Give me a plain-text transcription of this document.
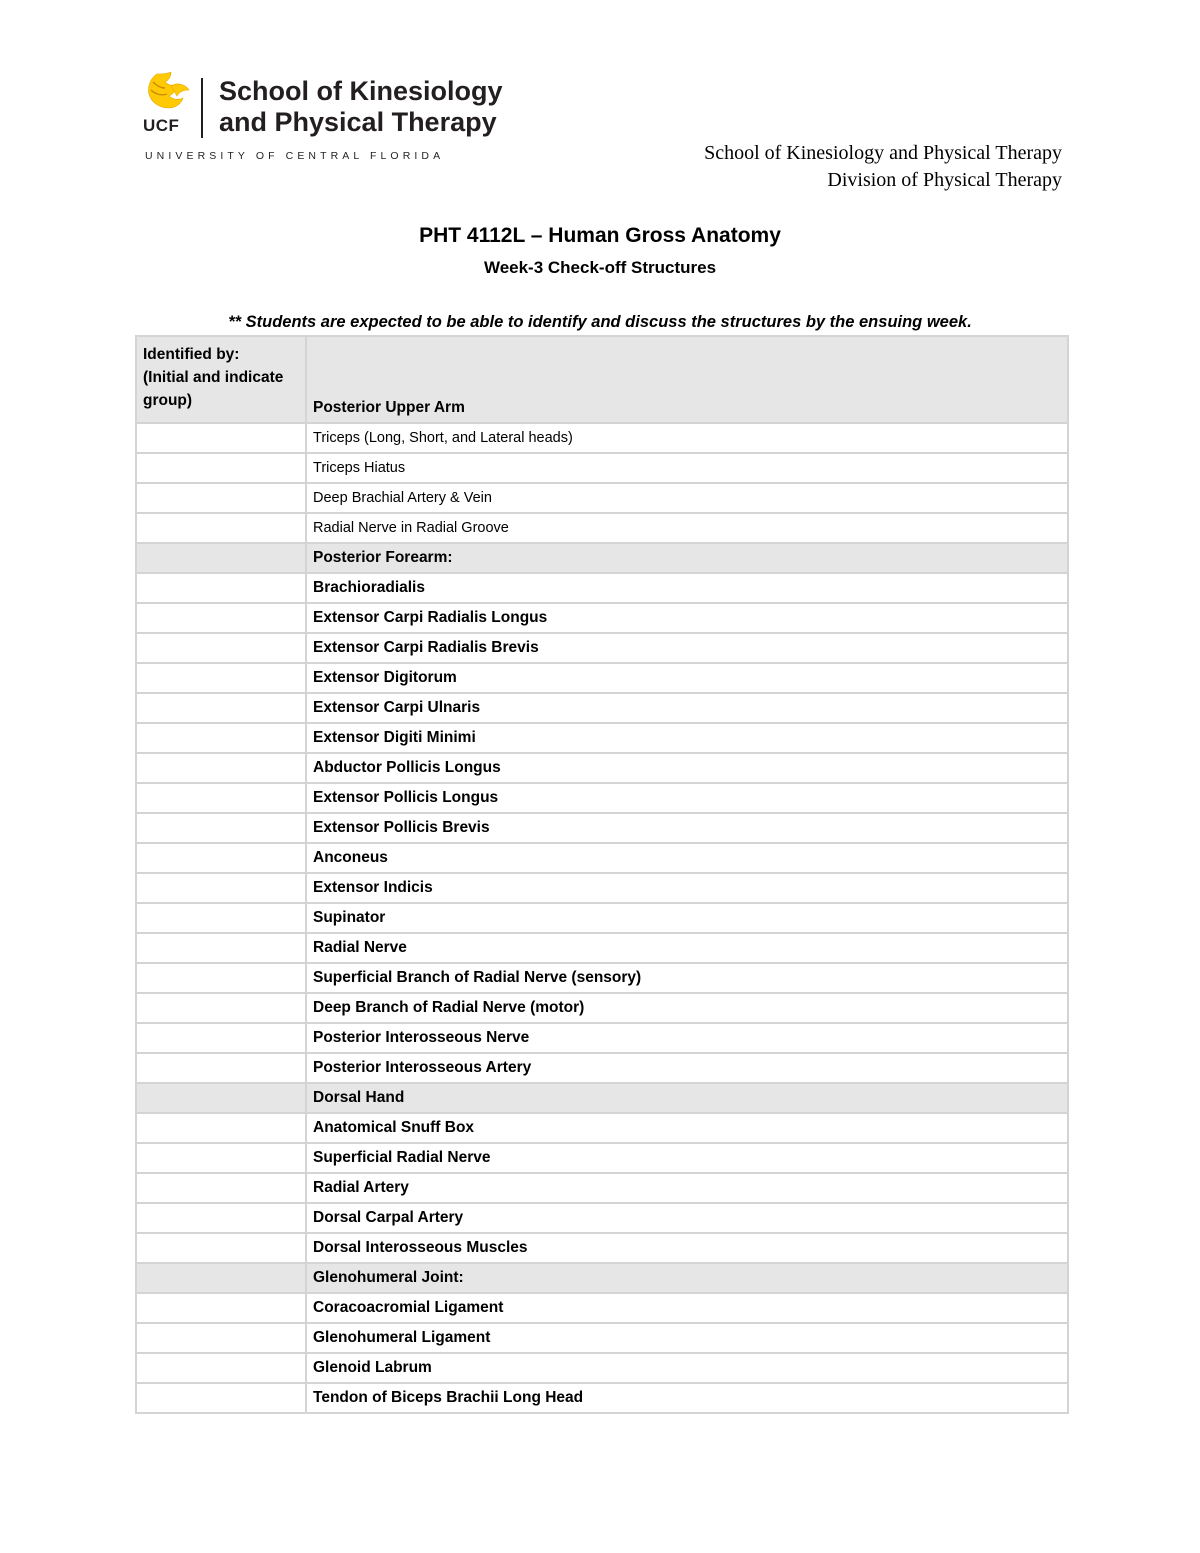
UCF
School of Kinesiology
and Physical Therapy
UNIVERSITY OF CENTRAL FLORIDA	School of Kinesiology and Physical Therapy
Division of Physical Therapy
PHT 4112L – Human Gross Anatomy
Week-3 Check-off Structures
** Students are expected to be able to identify and discuss the structures by the ensuing week.
Identified by:
(Initial and indicate group)	Posterior Upper Arm
	Triceps (Long, Short, and Lateral heads)
	Triceps Hiatus
	Deep Brachial Artery & Vein
	Radial Nerve in Radial Groove
	Posterior Forearm:
	Brachioradialis
	Extensor Carpi Radialis Longus
	Extensor Carpi Radialis Brevis
	Extensor Digitorum
	Extensor Carpi Ulnaris
	Extensor Digiti Minimi
	Abductor Pollicis Longus
	Extensor Pollicis Longus
	Extensor Pollicis Brevis
	Anconeus
	Extensor Indicis
	Supinator
	Radial Nerve
	Superficial Branch of Radial Nerve (sensory)
	Deep Branch of Radial Nerve (motor)
	Posterior Interosseous Nerve
	Posterior Interosseous Artery
	Dorsal Hand
	Anatomical Snuff Box
	Superficial Radial Nerve
	Radial Artery
	Dorsal Carpal Artery
	Dorsal Interosseous Muscles
	Glenohumeral Joint:
	Coracoacromial Ligament
	Glenohumeral Ligament
	Glenoid Labrum
	Tendon of Biceps Brachii Long Head
